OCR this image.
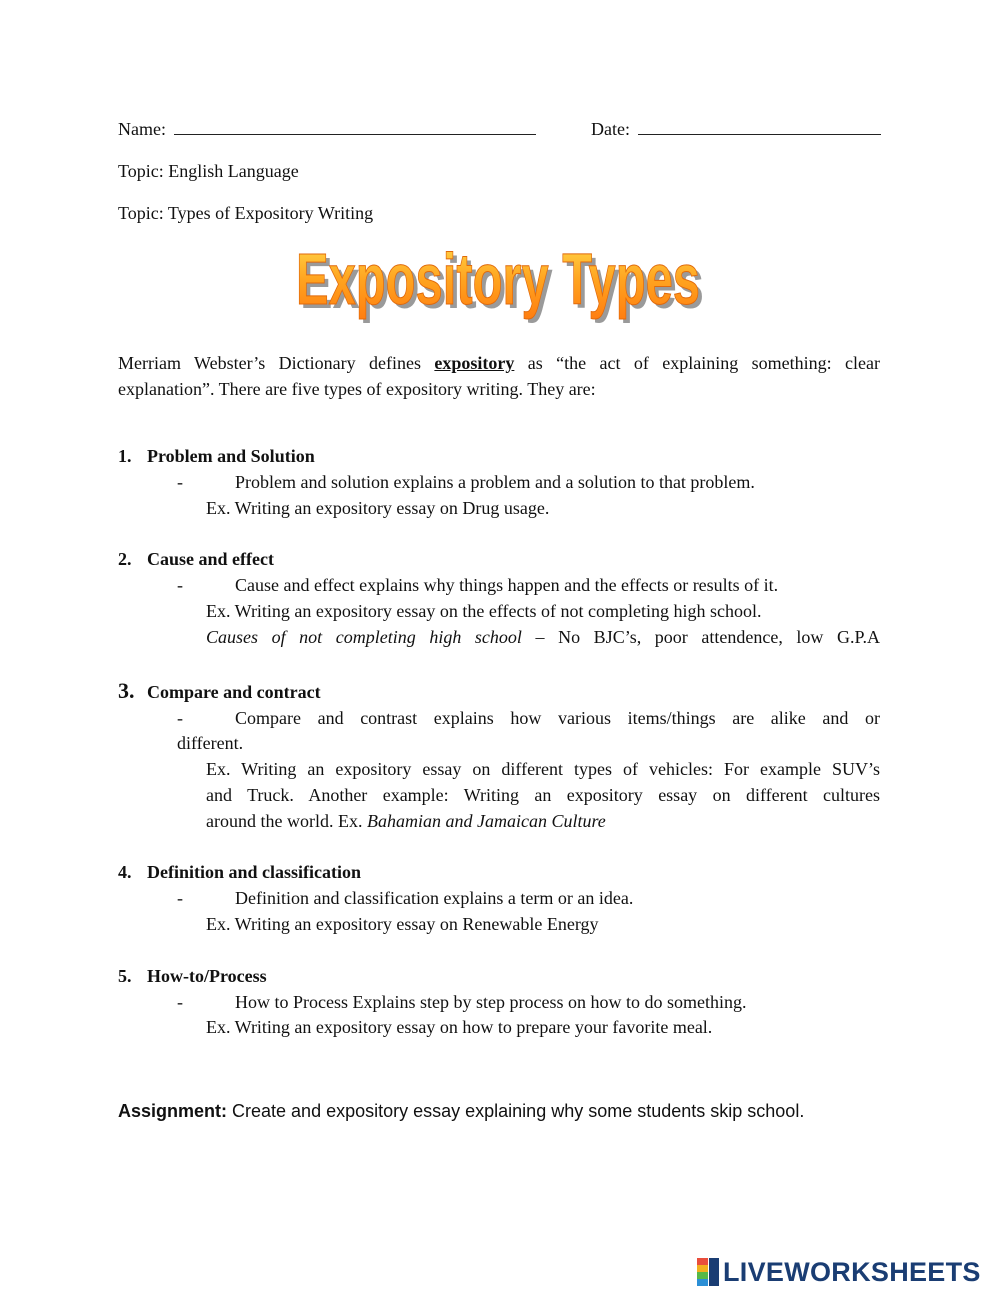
Name:	Date:
Topic: English Language
Topic: Types of Expository Writing
Expository Types
Expository Types
Merriam Webster’s Dictionary defines expository as “the act of explaining something: clear
explanation”. There are five types of expository writing. They are:
1. Problem and Solution
-	Problem and solution explains a problem and a solution to that problem.
Ex. Writing an expository essay on Drug usage.
2. Cause and effect
-	Cause and effect explains why things happen and the effects or results of it.
Ex. Writing an expository essay on the effects of not completing high school.
Causes of not completing high school – No BJC’s, poor attendence, low G.P.A
3. Compare and contract
-	Compare and contrast explains how various items/things are alike and or
different.
Ex. Writing an expository essay on different types of vehicles: For example SUV’s
and Truck. Another example: Writing an expository essay on different cultures
around the world. Ex. Bahamian and Jamaican Culture
4. Definition and classification
-	Definition and classification explains a term or an idea.
Ex. Writing an expository essay on Renewable Energy
5. How-to/Process
-	How to Process Explains step by step process on how to do something.
Ex. Writing an expository essay on how to prepare your favorite meal.
Assignment: Create and expository essay explaining why some students skip school.
LIVEWORKSHEETS
